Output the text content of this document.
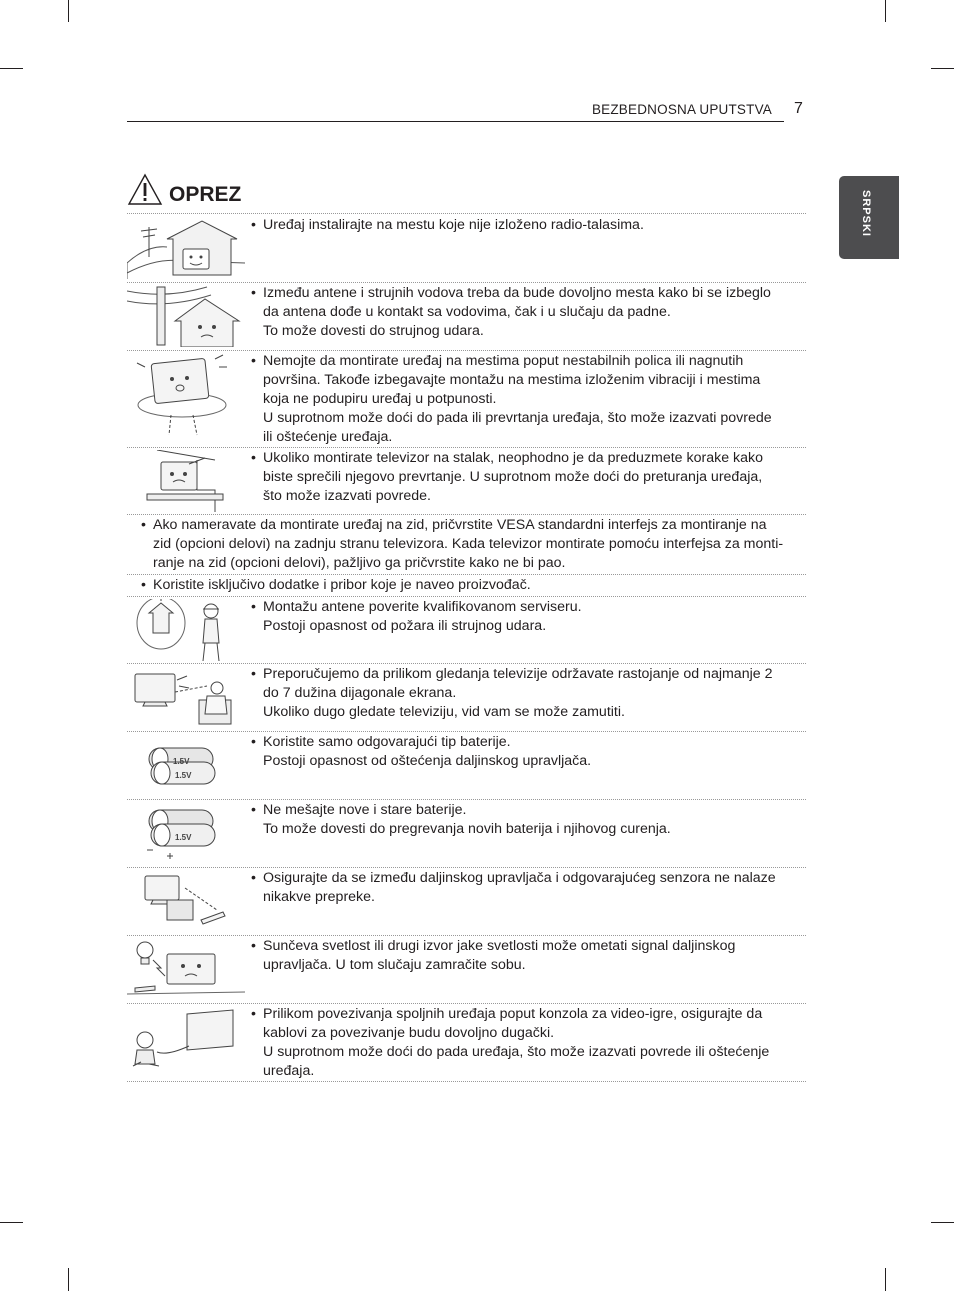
BEZBEDNOSNA UPUTSTVA 7
SRPSKI
OPREZ
• Uređaj instalirajte na mestu koje nije izloženo radio-talasima.
• Između antene i strujnih vodova treba da bude dovoljno mesta kako bi se izbeglo
da antena dođe u kontakt sa vodovima, čak i u slučaju da padne.
To može dovesti do strujnog udara.
• Nemojte da montirate uređaj na mestima poput nestabilnih polica ili nagnutih
površina. Takođe izbegavajte montažu na mestima izloženim vibraciji i mestima
koja ne podupiru uređaj u potpunosti.
U suprotnom može doći do pada ili prevrtanja uređaja, što može izazvati povrede
ili oštećenje uređaja.
• Ukoliko montirate televizor na stalak, neophodno je da preduzmete korake kako
biste sprečili njegovo prevrtanje. U suprotnom može doći do preturanja uređaja,
što može izazvati povrede.
• Ako nameravate da montirate uređaj na zid, pričvrstite VESA standardni interfejs za montiranje na
zid (opcioni delovi) na zadnju stranu televizora. Kada televizor montirate pomoću interfejsa za monti-
ranje na zid (opcioni delovi), pažljivo ga pričvrstite kako ne bi pao.
• Koristite isključivo dodatke i pribor koje je naveo proizvođač.
• Montažu antene poverite kvalifikovanom serviseru.
Postoji opasnost od požara ili strujnog udara.
• Preporučujemo da prilikom gledanja televizije održavate rastojanje od najmanje 2
do 7 dužina dijagonale ekrana.
Ukoliko dugo gledate televiziju, vid vam se može zamutiti.
1.5V
1.5V
• Koristite samo odgovarajući tip baterije.
Postoji opasnost od oštećenja daljinskog upravljača.
1.5V
• Ne mešajte nove i stare baterije.
To može dovesti do pregrevanja novih baterija i njihovog curenja.
• Osigurajte da se između daljinskog upravljača i odgovarajućeg senzora ne nalaze
nikakve prepreke.
• Sunčeva svetlost ili drugi izvor jake svetlosti može ometati signal daljinskog
upravljača. U tom slučaju zamračite sobu.
• Prilikom povezivanja spoljnih uređaja poput konzola za video-igre, osigurajte da
kablovi za povezivanje budu dovoljno dugački.
U suprotnom može doći do pada uređaja, što može izazvati povrede ili oštećenje
uređaja.
